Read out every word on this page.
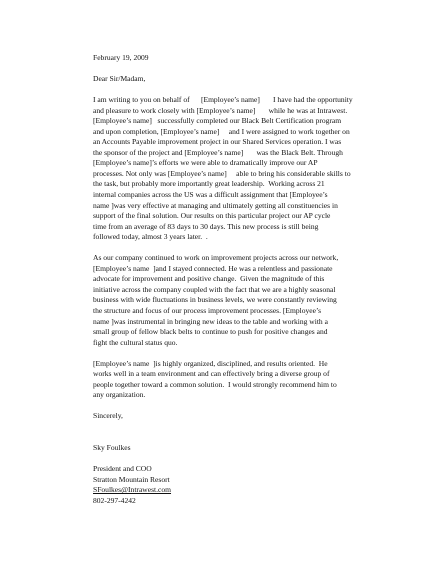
February 19, 2009
Dear Sir/Madam,
I am writing to you on behalf of      [Employee’s name]       I have had the opportunity
and pleasure to work closely with [Employee’s name]       while he was at Intrawest.
[Employee’s name]   successfully completed our Black Belt Certification program
and upon completion, [Employee’s name]     and I were assigned to work together on
an Accounts Payable improvement project in our Shared Services operation. I was
the sponsor of the project and [Employee’s name]       was the Black Belt. Through
[Employee’s name]’s efforts we were able to dramatically improve our AP
processes. Not only was [Employee’s name]     able to bring his considerable skills to
the task, but probably more importantly great leadership.  Working across 21
internal companies across the US was a difficult assignment that [Employee’s
name ]was very effective at managing and ultimately getting all constituencies in
support of the final solution. Our results on this particular project our AP cycle
time from an average of 83 days to 30 days. This new process is still being
followed today, almost 3 years later.  .
As our company continued to work on improvement projects across our network,
[Employee’s name  ]and I stayed connected. He was a relentless and passionate
advocate for improvement and positive change.  Given the magnitude of this
initiative across the company coupled with the fact that we are a highly seasonal
business with wide fluctuations in business levels, we were constantly reviewing
the structure and focus of our process improvement processes. [Employee’s
name ]was instrumental in bringing new ideas to the table and working with a
small group of fellow black belts to continue to push for positive changes and
fight the cultural status quo.
[Employee’s name  ]is highly organized, disciplined, and results oriented.  He
works well in a team environment and can effectively bring a diverse group of
people together toward a common solution.  I would strongly recommend him to
any organization.
Sincerely,
Sky Foulkes
President and COO
Stratton Mountain Resort
SFoulkes@Intrawest.com
802-297-4242
